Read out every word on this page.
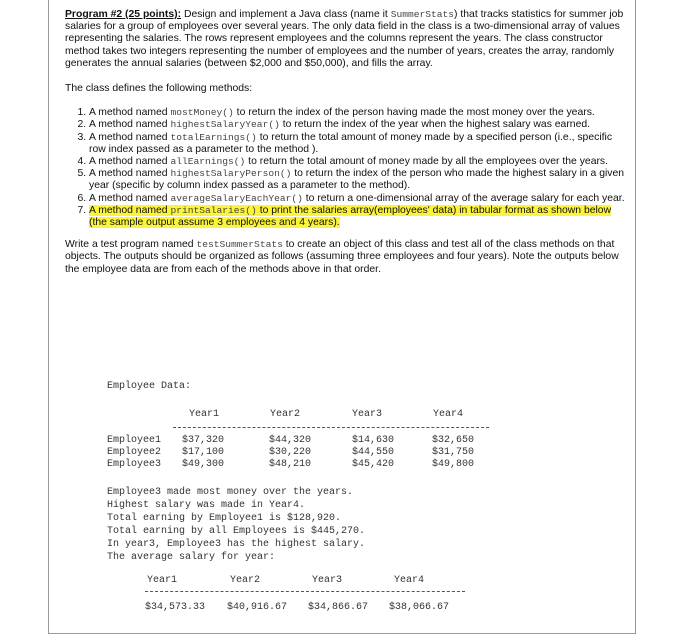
Program #2 (25 points): Design and implement a Java class (name it SummerStats) that tracks statistics for summer job salaries for a group of employees over several years. The only data field in the class is a two-dimensional array of values representing the salaries. The rows represent employees and the columns represent the years. The class constructor method takes two integers representing the number of employees and the number of years, creates the array, randomly generates the annual salaries (between $2,000 and $50,000), and fills the array.

The class defines the following methods:

1. A method named mostMoney() to return the index of the person having made the most money over the years.
2. A method named highestSalaryYear() to return the index of the year when the highest salary was earned.
3. A method named totalEarnings() to return the total amount of money made by a specified person (i.e., specific row index passed as a parameter to the method ).
4. A method named allEarnings() to return the total amount of money made by all the employees over the years.
5. A method named highestSalaryPerson() to return the index of the person who made the highest salary in a given year (specific by column index passed as a parameter to the method).
6. A method named averageSalaryEachYear() to return a one-dimensional array of the average salary for each year.
7. A method named printSalaries() to print the salaries array(employees' data) in tabular format as shown below (the sample output assume 3 employees and 4 years).

Write a test program named testSummerStats to create an object of this class and test all of the class methods on that objects. The outputs should be organized as follows (assuming three employees and four years). Note the outputs below the employee data are from each of the methods above in that order.

Employee Data:
Year1	Year2	Year3	Year4
Employee1 $37,320	$44,320	$14,630	$32,650
Employee2 $17,100	$30,220	$44,550	$31,750
Employee3 $49,300	$48,210	$45,420	$49,800
Employee3 made most money over the years.
Highest salary was made in Year4.
Total earning by Employee1 is $128,920.
Total earning by all Employees is $445,270.
In year3, Employee3 has the highest salary.
The average salary for year:
Year1	Year2	Year3	Year4
$34,573.33 $40,916.67 $34,866.67 $38,066.67
